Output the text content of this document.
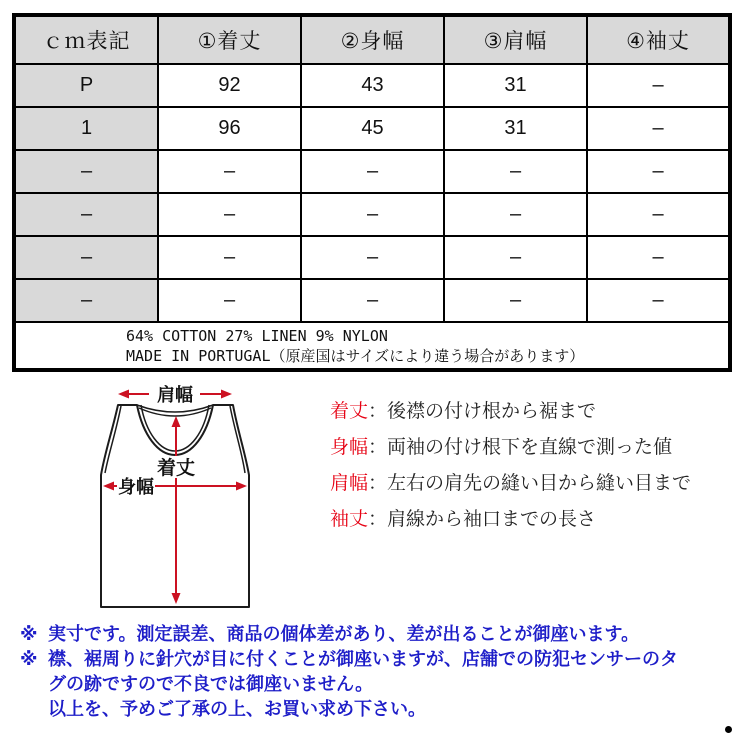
ｃｍ表記	①着丈	②身幅	③肩幅	④袖丈
P	92	43	31	–
1	96	45	31	–
–	–	–	–	–
–	–	–	–	–
–	–	–	–	–
–	–	–	–	–

64% COTTON 27% LINEN 9% NYLON
MADE IN PORTUGAL（原産国はサイズにより違う場合があります）				
肩幅
着丈
身幅
着丈：後襟の付け根から裾まで
身幅：両袖の付け根下を直線で測った値
肩幅：左右の肩先の縫い目から縫い目まで
袖丈：肩線から袖口までの長さ
※ 実寸です。測定誤差、商品の個体差があり、差が出ることが御座います。
※ 襟、裾周りに針穴が目に付くことが御座いますが、店舗での防犯センサーのタ
グの跡ですので不良では御座いません。
以上を、予めご了承の上、お買い求め下さい。
